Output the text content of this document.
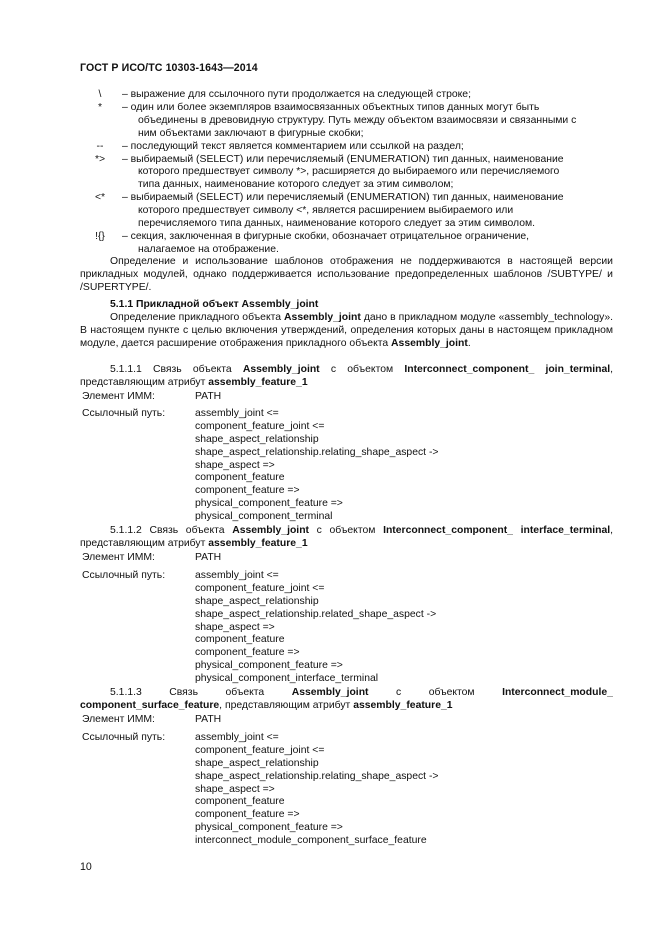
ГОСТ Р ИСО/ТС 10303-1643—2014
\	– выражение для ссылочного пути продолжается на следующей строке;
*	– один или более экземпляров взаимосвязанных объектных типов данных могут быть
объединены в древовидную структуру. Путь между объектом взаимосвязи и связанными с
ним объектами заключают в фигурные скобки;
--	– последующий текст является комментарием или ссылкой на раздел;
*>	– выбираемый (SELECT) или перечисляемый (ENUMERATION) тип данных, наименование
которого предшествует символу *>, расширяется до выбираемого или перечисляемого
типа данных, наименование которого следует за этим символом;
<*	– выбираемый (SELECT) или перечисляемый (ENUMERATION) тип данных, наименование
которого предшествует символу <*, является расширением выбираемого или
перечисляемого типа данных, наименование которого следует за этим символом.
!{}	– секция, заключенная в фигурные скобки, обозначает отрицательное ограничение,
налагаемое на отображение.
Определение и использование шаблонов отображения не поддерживаются в настоящей версии прикладных модулей, однако поддерживается использование предопределенных шаблонов /SUBTYPE/ и /SUPERTYPE/.
5.1.1 Прикладной объект Assembly_joint
Определение прикладного объекта Assembly_joint дано в прикладном модуле «assembly_technology». В настоящем пункте с целью включения утверждений, определения которых даны в настоящем прикладном модуле, дается расширение отображения прикладного объекта Assembly_joint.
5.1.1.1 Связь объекта Assembly_joint с объектом Interconnect_component_ join_terminal, представляющим атрибут assembly_feature_1
Элемент ИММ:	PATH
Ссылочный путь:	assembly_joint <=
component_feature_joint <=
shape_aspect_relationship
shape_aspect_relationship.relating_shape_aspect ->
shape_aspect =>
component_feature
component_feature =>
physical_component_feature =>
physical_component_terminal
5.1.1.2 Связь объекта Assembly_joint с объектом Interconnect_component_ interface_terminal, представляющим атрибут assembly_feature_1
Элемент ИММ:	PATH
Ссылочный путь:	assembly_joint <=
component_feature_joint <=
shape_aspect_relationship
shape_aspect_relationship.related_shape_aspect ->
shape_aspect =>
component_feature
component_feature =>
physical_component_feature =>
physical_component_interface_terminal
5.1.1.3	Связь	объекта	Assembly_joint	с	объектом	Interconnect_module_
component_surface_feature, представляющим атрибут assembly_feature_1
Элемент ИММ:	PATH
Ссылочный путь:	assembly_joint <=
component_feature_joint <=
shape_aspect_relationship
shape_aspect_relationship.relating_shape_aspect ->
shape_aspect =>
component_feature
component_feature =>
physical_component_feature =>
interconnect_module_component_surface_feature
10
